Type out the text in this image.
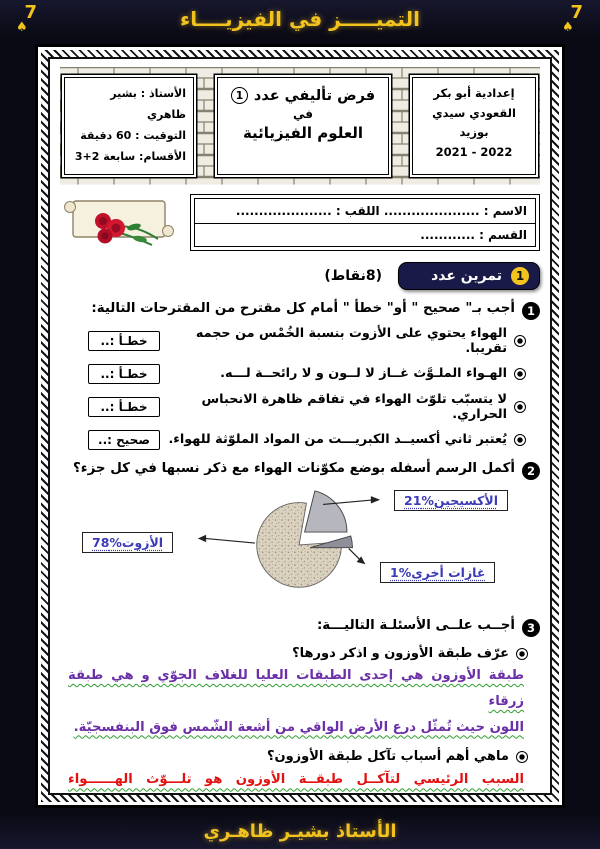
7
♠
التميـــــز في الفيزيــــاء
7
♠
إعدادية أبو بكر
القعودي سيدي بوزيد
2022 - 2021
فرض تأليفي عدد
1
في
العلوم الفيزيائية
الأستاذ : بشير ظاهري
التوقيت : 60 دقيقة
الأقسام: سابعة 2+3
الاسم : ..................... اللقب : .....................
القسم : ............
1
تمرين عدد
(8نقاط)
1

أجب بـ" صحيح " أو" خطأ " أمام كل مقترح من المقترحات التالية:

الهواء يحتوي على الأزوت بنسبة الخُمْس من حجمه تقريبا.

خطـأ :..

الهـواء الملـوَّث غــاز لا لــون و لا رائحــة لـــه.

خطـأ :..

لا يتسبّب تلوّث الهواء في تفاقم ظاهرة الانحباس الحراري.

خطـأ :..

يُعتبر ثاني أكسيــد الكبريـــت من المواد الملوّثة للهواء.

صحيح :..
2

أكمل الرسم أسفله بوضع مكوّنات الهواء مع ذكر نسبها في كل جزء؟

الأكسيجين%21
الأزوت%78
غازات أخرى%1
3

أجــب علــى الأسئلـة التاليـــة:

عرّف طبقة الأوزون و اذكر دورها؟

طبقة الأوزون هي إحدى الطبقات العليا للغلاف الجوّي و هي طبقة زرقاء

اللون حيث تُمثّل درع الأرض الواقي من أشعة الشّمس فوق البنفسجيّة.

ماهي أهم أسباب تآكل طبقة الأوزون؟

السبب الرئيسي لتآكــل طبقــة الأوزون هو تلـــوّث الهــــــواء

الأستاذ بشيـر ظاهـري
